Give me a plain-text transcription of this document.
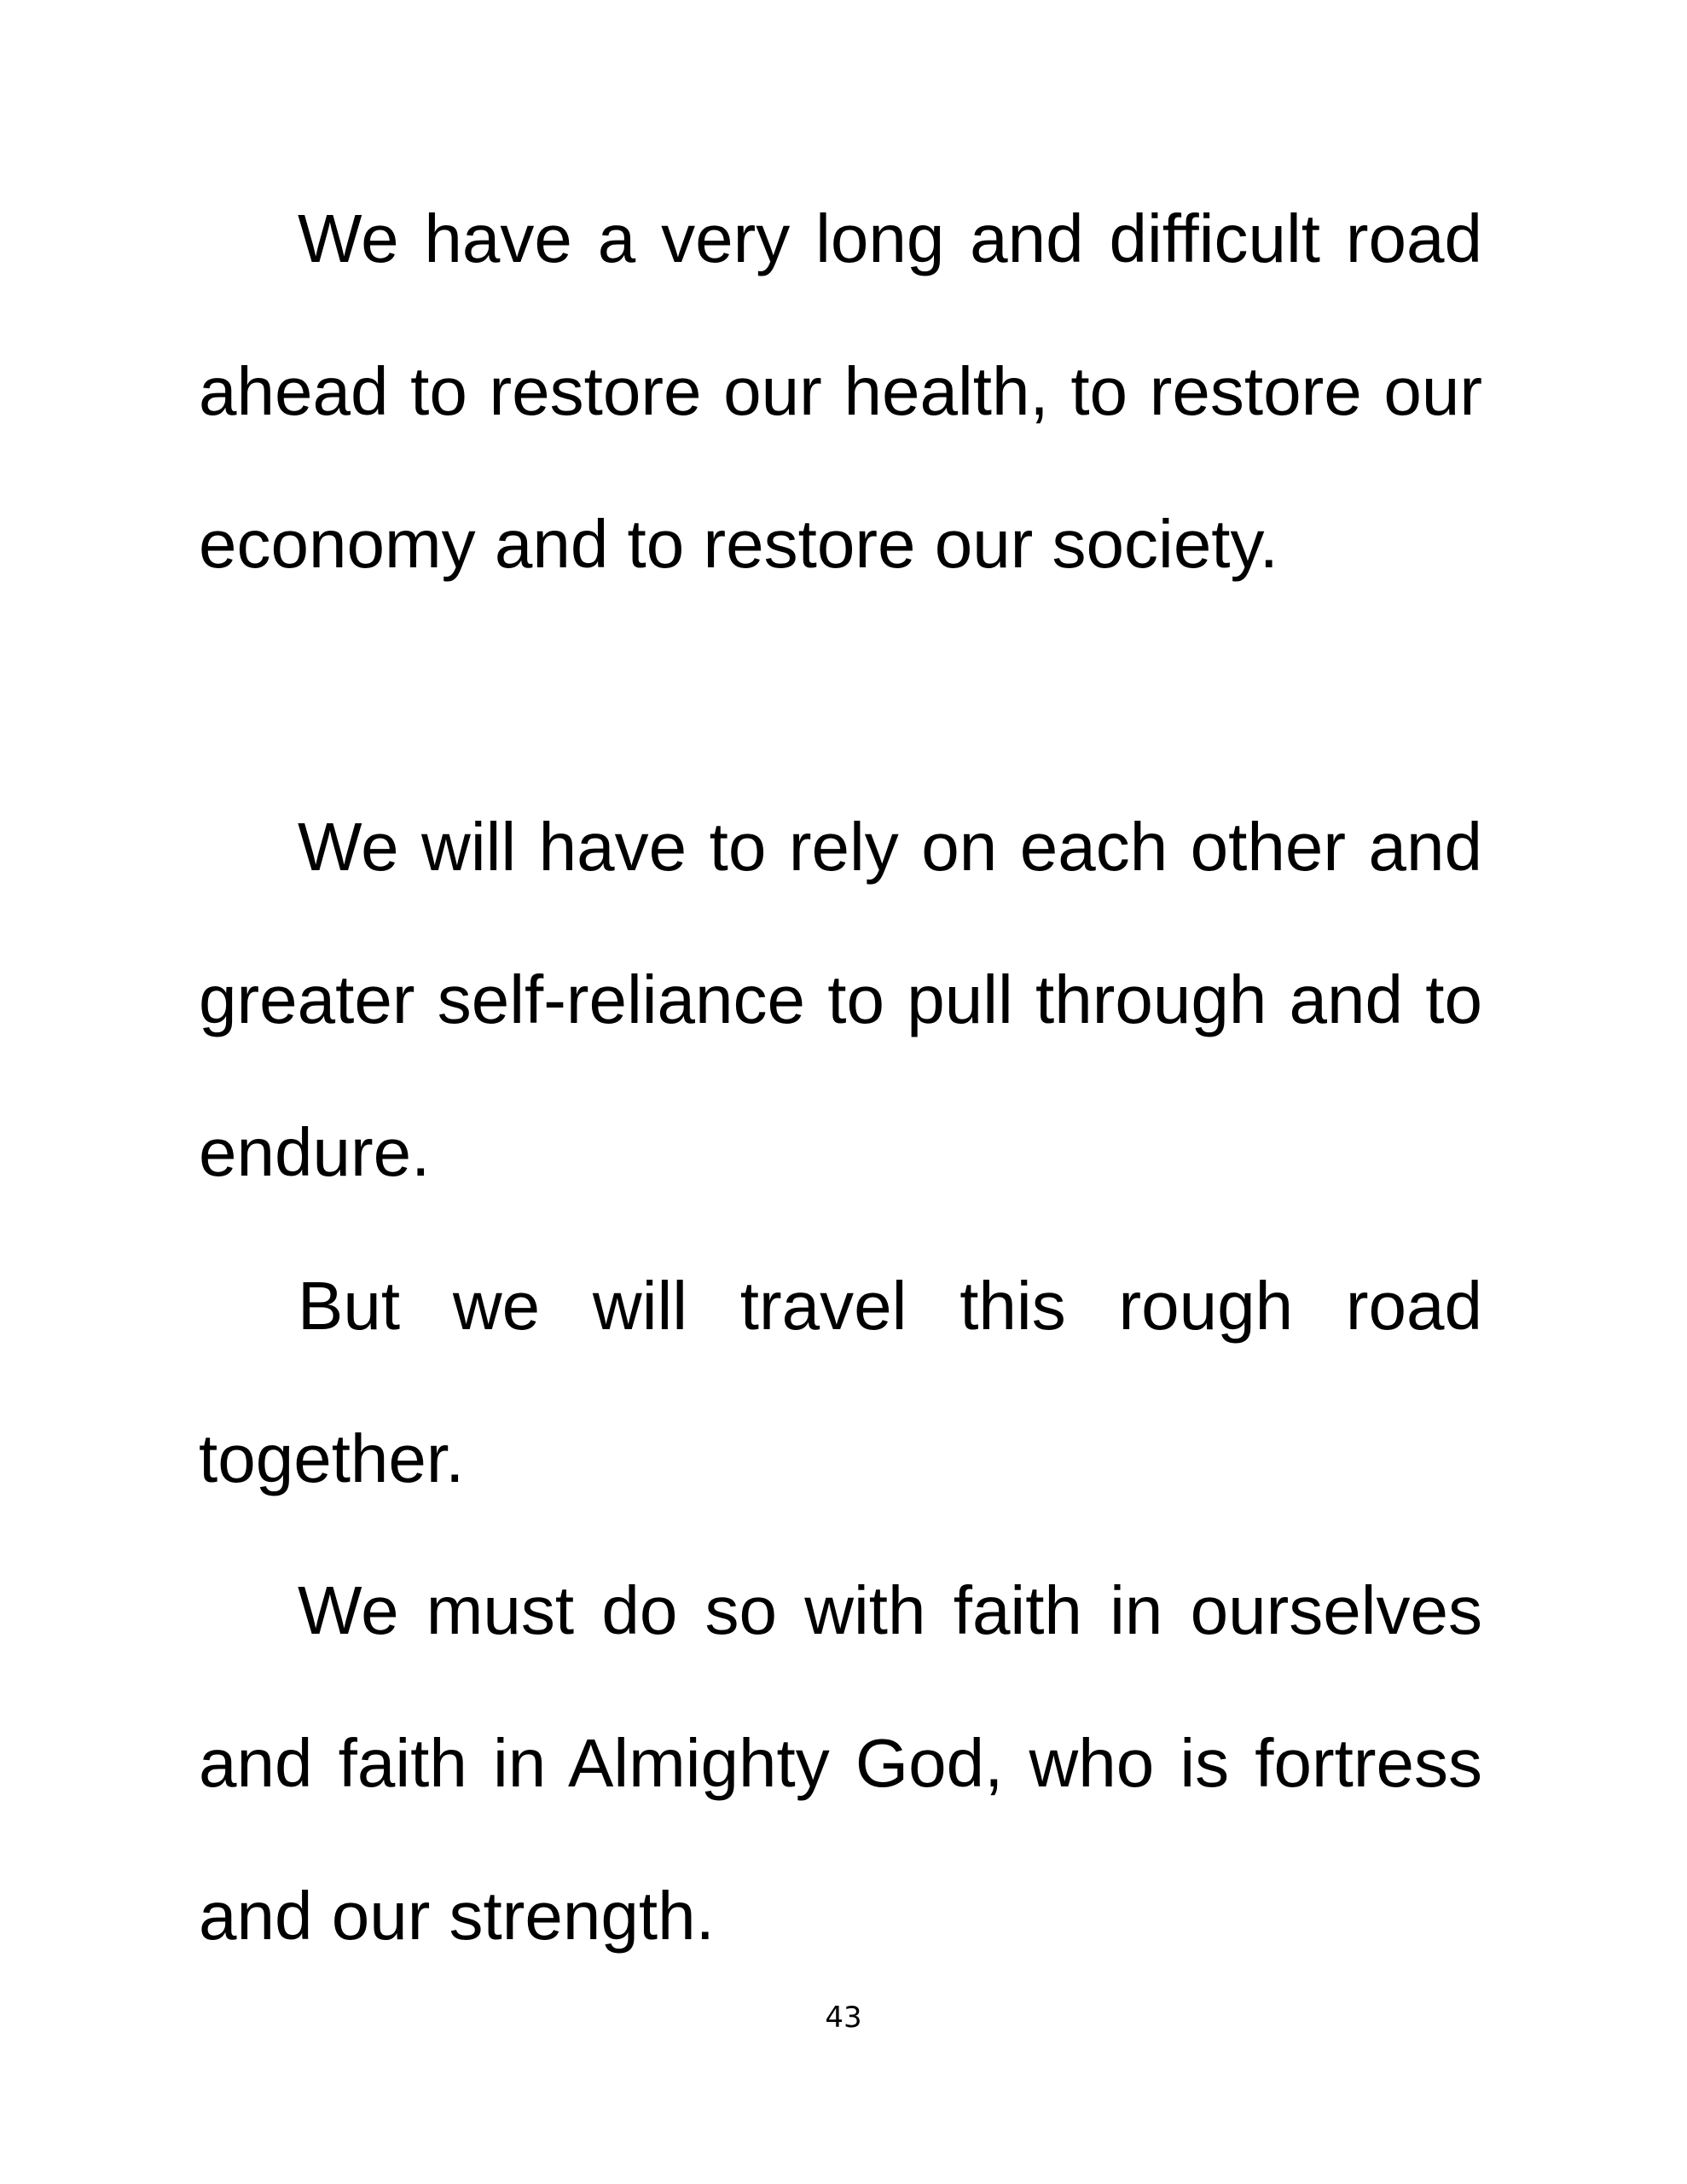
We have a very long and difficult road ahead to restore our health, to restore our economy and to restore our society.

We will have to rely on each other and greater self-reliance to pull through and to endure.

But we will travel this rough road together.

We must do so with faith in ourselves and faith in Almighty God, who is fortress and our strength.

43
